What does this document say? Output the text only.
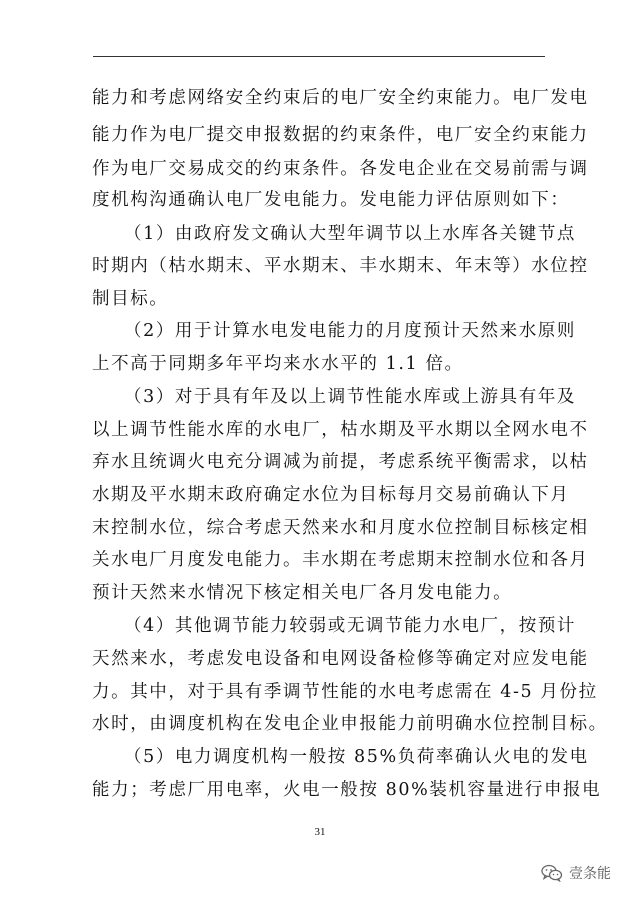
能力和考虑网络安全约束后的电厂安全约束能力。电厂发电
能力作为电厂提交申报数据的约束条件，电厂安全约束能力
作为电厂交易成交的约束条件。各发电企业在交易前需与调
度机构沟通确认电厂发电能力。发电能力评估原则如下：
（1）由政府发文确认大型年调节以上水库各关键节点
时期内（枯水期末、平水期末、丰水期末、年末等）水位控
制目标。
（2）用于计算水电发电能力的月度预计天然来水原则
上不高于同期多年平均来水水平的 1.1 倍。
（3）对于具有年及以上调节性能水库或上游具有年及
以上调节性能水库的水电厂，枯水期及平水期以全网水电不
弃水且统调火电充分调减为前提，考虑系统平衡需求，以枯
水期及平水期末政府确定水位为目标每月交易前确认下月
末控制水位，综合考虑天然来水和月度水位控制目标核定相
关水电厂月度发电能力。丰水期在考虑期末控制水位和各月
预计天然来水情况下核定相关电厂各月发电能力。
（4）其他调节能力较弱或无调节能力水电厂，按预计
天然来水，考虑发电设备和电网设备检修等确定对应发电能
力。其中，对于具有季调节性能的水电考虑需在 4-5 月份拉
水时，由调度机构在发电企业申报能力前明确水位控制目标。
（5）电力调度机构一般按 85%负荷率确认火电的发电
能力；考虑厂用电率，火电一般按 80%装机容量进行申报电
31
壹条能
